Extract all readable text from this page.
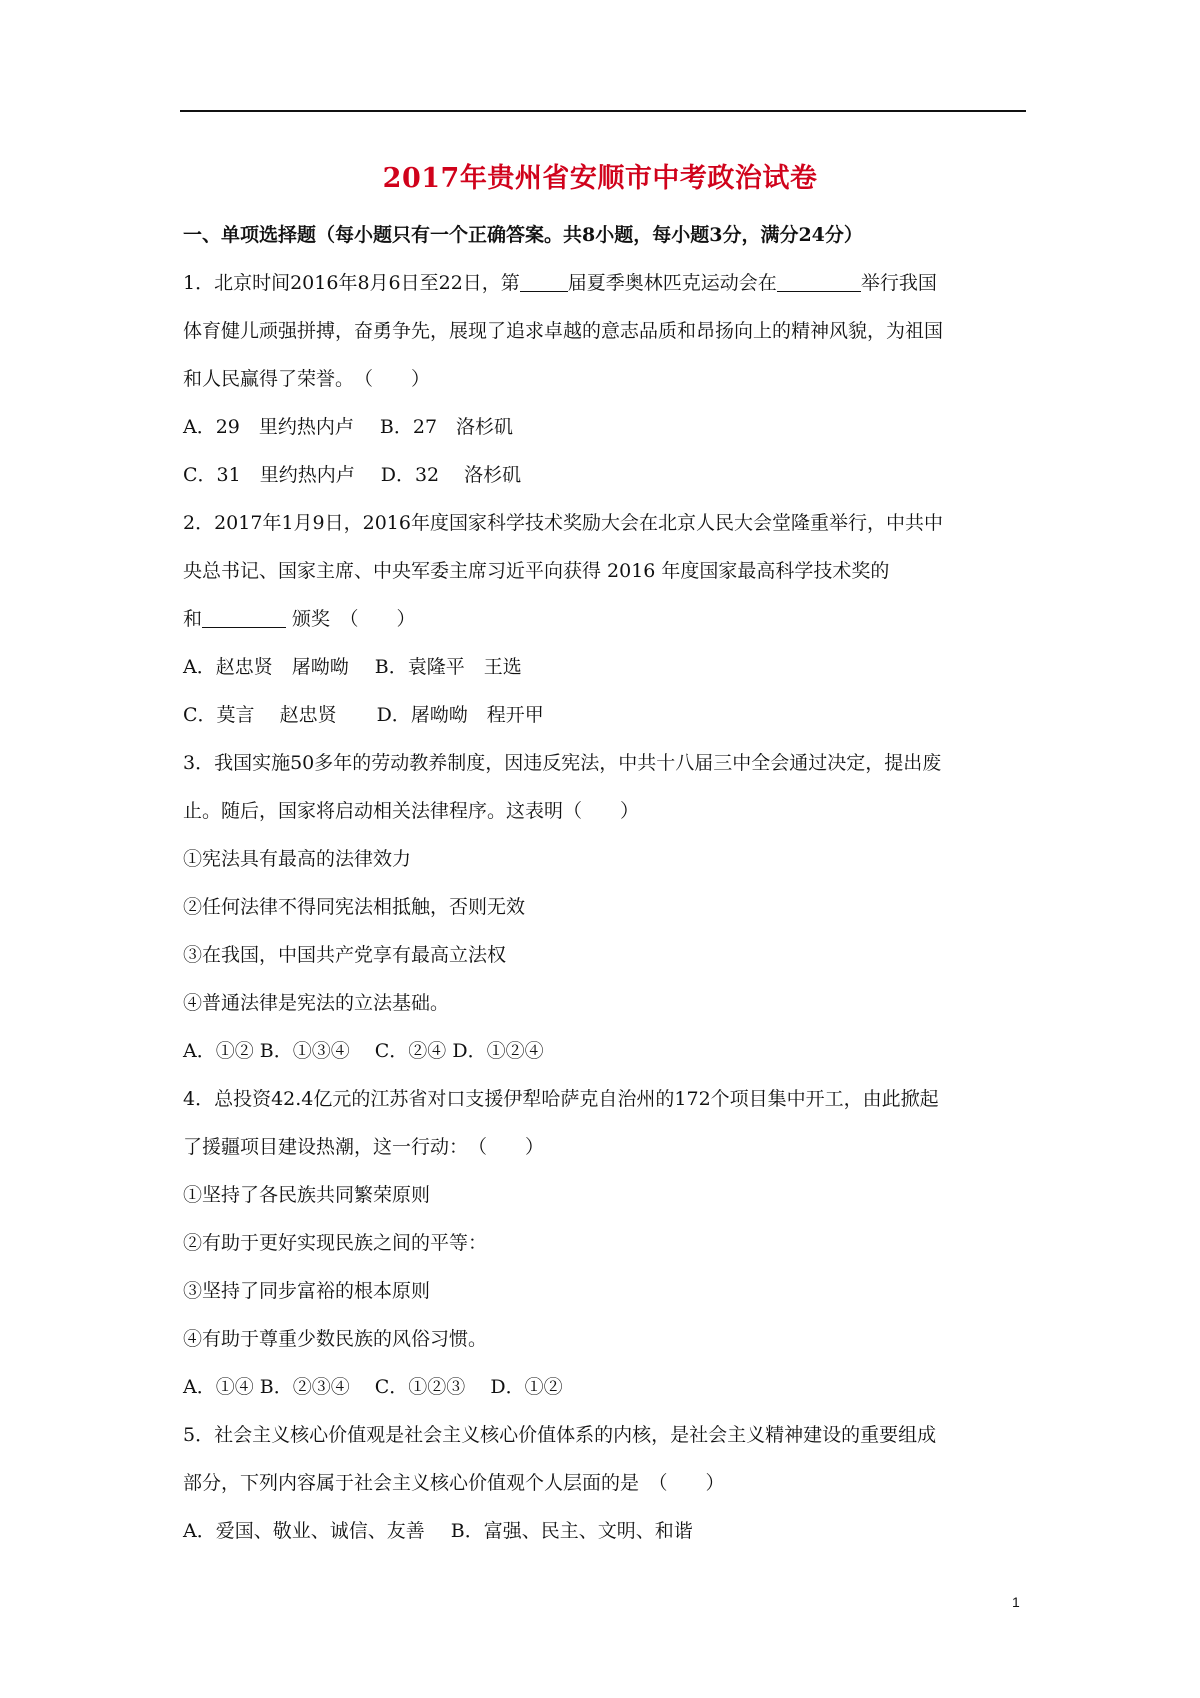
2017年贵州省安顺市中考政治试卷
一、单项选择题（每小题只有一个正确答案。共8小题，每小题3分，满分24分）
1．北京时间2016年8月6日至22日，第	届夏季奥林匹克运动会在	举行我国
体育健儿顽强拼搏，奋勇争先，展现了追求卓越的意志品质和昂扬向上的精神风貌，为祖国
和人民赢得了荣誉。　（　　）
A．29　里约热内卢 B．27　洛杉矶
C．31　里约热内卢 D．32　 洛杉矶
2．2017年1月9日，2016年度国家科学技术奖励大会在北京人民大会堂隆重举行，中共中
央总书记、国家主席、中央军委主席习近平向获得 2016 年度国家最高科学技术奖的
和	颁奖　（　　）
A．赵忠贤　屠呦呦 B．袁隆平　王选
C．莫言　 赵忠贤 D．屠呦呦　程开甲
3．我国实施50多年的劳动教养制度，因违反宪法，中共十八届三中全会通过决定，提出废
止。随后，国家将启动相关法律程序。这表明（　　）
①宪法具有最高的法律效力
②任何法律不得同宪法相抵触，否则无效
③在我国，中国共产党享有最高立法权
④普通法律是宪法的立法基础。
A．①② B．①③④　 C．②④ D．①②④
4．总投资42.4亿元的江苏省对口支援伊犁哈萨克自治州的172个项目集中开工，由此掀起
了援疆项目建设热潮，这一行动：　（　　）
①坚持了各民族共同繁荣原则
②有助于更好实现民族之间的平等：
③坚持了同步富裕的根本原则
④有助于尊重少数民族的风俗习惯。
A．①④ B．②③④　 C．①②③　 D．①②
5．社会主义核心价值观是社会主义核心价值体系的内核，是社会主义精神建设的重要组成
部分，下列内容属于社会主义核心价值观个人层面的是　（　　）
A．爱国、敬业、诚信、友善 B．富强、民主、文明、和谐
1
